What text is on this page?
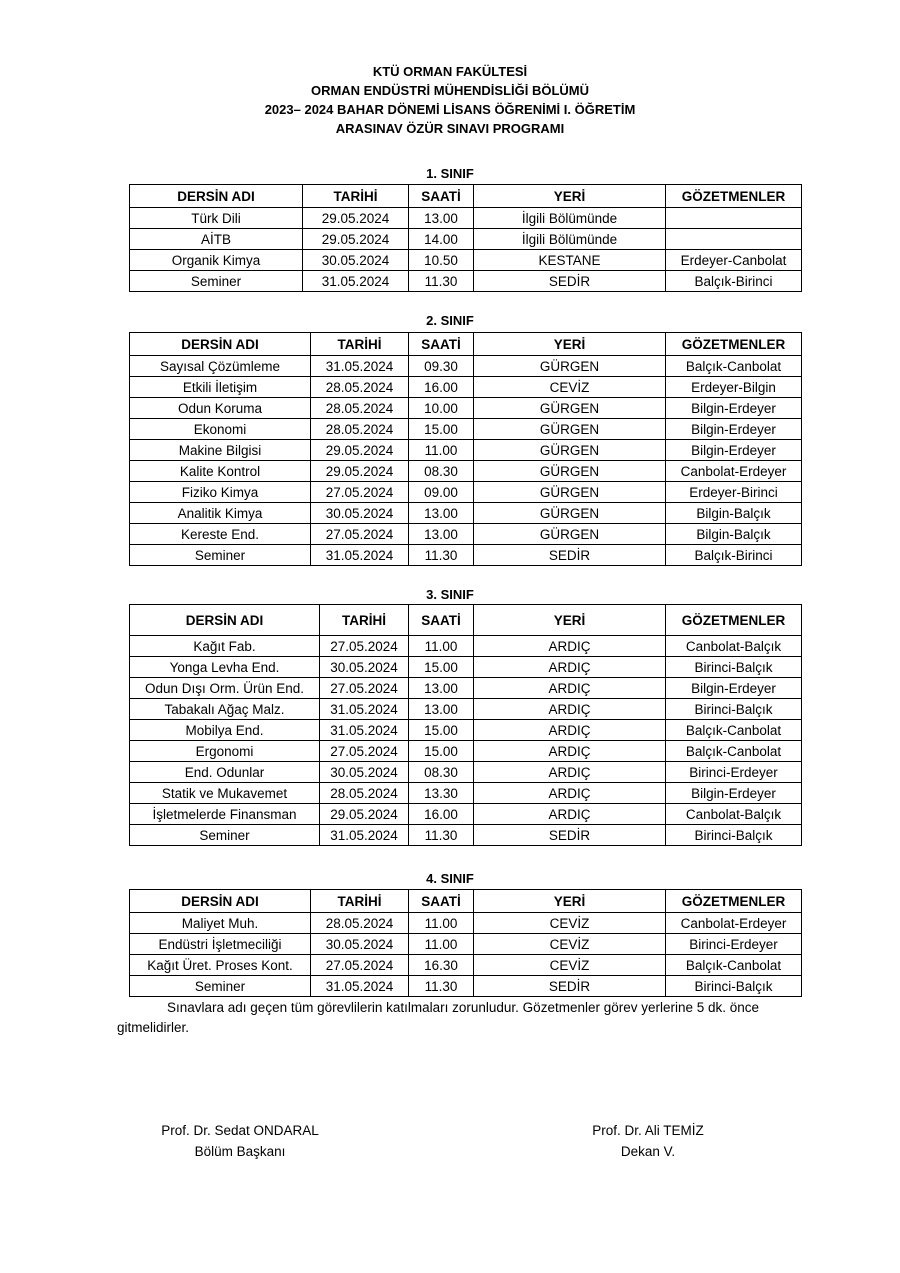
KTÜ ORMAN FAKÜLTESİ
ORMAN ENDÜSTRİ MÜHENDİSLİĞİ BÖLÜMÜ
2023– 2024 BAHAR DÖNEMİ LİSANS ÖĞRENİMİ I. ÖĞRETİM
ARASINAV ÖZÜR SINAVI PROGRAMI
1. SINIF
DERSİN ADI	TARİHİ	SAATİ	YERİ	GÖZETMENLER
Türk Dili	29.05.2024	13.00	İlgili Bölümünde	
AİTB	29.05.2024	14.00	İlgili Bölümünde	
Organik Kimya	30.05.2024	10.50	KESTANE	Erdeyer-Canbolat
Seminer	31.05.2024	11.30	SEDİR	Balçık-Birinci
2. SINIF
DERSİN ADI	TARİHİ	SAATİ	YERİ	GÖZETMENLER
Sayısal Çözümleme	31.05.2024	09.30	GÜRGEN	Balçık-Canbolat
Etkili İletişim	28.05.2024	16.00	CEVİZ	Erdeyer-Bilgin
Odun Koruma	28.05.2024	10.00	GÜRGEN	Bilgin-Erdeyer
Ekonomi	28.05.2024	15.00	GÜRGEN	Bilgin-Erdeyer
Makine Bilgisi	29.05.2024	11.00	GÜRGEN	Bilgin-Erdeyer
Kalite Kontrol	29.05.2024	08.30	GÜRGEN	Canbolat-Erdeyer
Fiziko Kimya	27.05.2024	09.00	GÜRGEN	Erdeyer-Birinci
Analitik Kimya	30.05.2024	13.00	GÜRGEN	Bilgin-Balçık
Kereste End.	27.05.2024	13.00	GÜRGEN	Bilgin-Balçık
Seminer	31.05.2024	11.30	SEDİR	Balçık-Birinci
3. SINIF
DERSİN ADI	TARİHİ	SAATİ	YERİ	GÖZETMENLER
Kağıt Fab.	27.05.2024	11.00	ARDIÇ	Canbolat-Balçık
Yonga Levha End.	30.05.2024	15.00	ARDIÇ	Birinci-Balçık
Odun Dışı Orm. Ürün End.	27.05.2024	13.00	ARDIÇ	Bilgin-Erdeyer
Tabakalı Ağaç Malz.	31.05.2024	13.00	ARDIÇ	Birinci-Balçık
Mobilya End.	31.05.2024	15.00	ARDIÇ	Balçık-Canbolat
Ergonomi	27.05.2024	15.00	ARDIÇ	Balçık-Canbolat
End. Odunlar	30.05.2024	08.30	ARDIÇ	Birinci-Erdeyer
Statik ve Mukavemet	28.05.2024	13.30	ARDIÇ	Bilgin-Erdeyer
İşletmelerde Finansman	29.05.2024	16.00	ARDIÇ	Canbolat-Balçık
Seminer	31.05.2024	11.30	SEDİR	Birinci-Balçık
4. SINIF
DERSİN ADI	TARİHİ	SAATİ	YERİ	GÖZETMENLER
Maliyet Muh.	28.05.2024	11.00	CEVİZ	Canbolat-Erdeyer
Endüstri İşletmeciliği	30.05.2024	11.00	CEVİZ	Birinci-Erdeyer
Kağıt Üret. Proses Kont.	27.05.2024	16.30	CEVİZ	Balçık-Canbolat
Seminer	31.05.2024	11.30	SEDİR	Birinci-Balçık
Sınavlara adı geçen tüm görevlilerin katılmaları zorunludur. Gözetmenler görev yerlerine 5 dk. önce gitmelidirler.
Prof. Dr. Sedat ONDARAL
Bölüm Başkanı
Prof. Dr. Ali TEMİZ
Dekan V.
